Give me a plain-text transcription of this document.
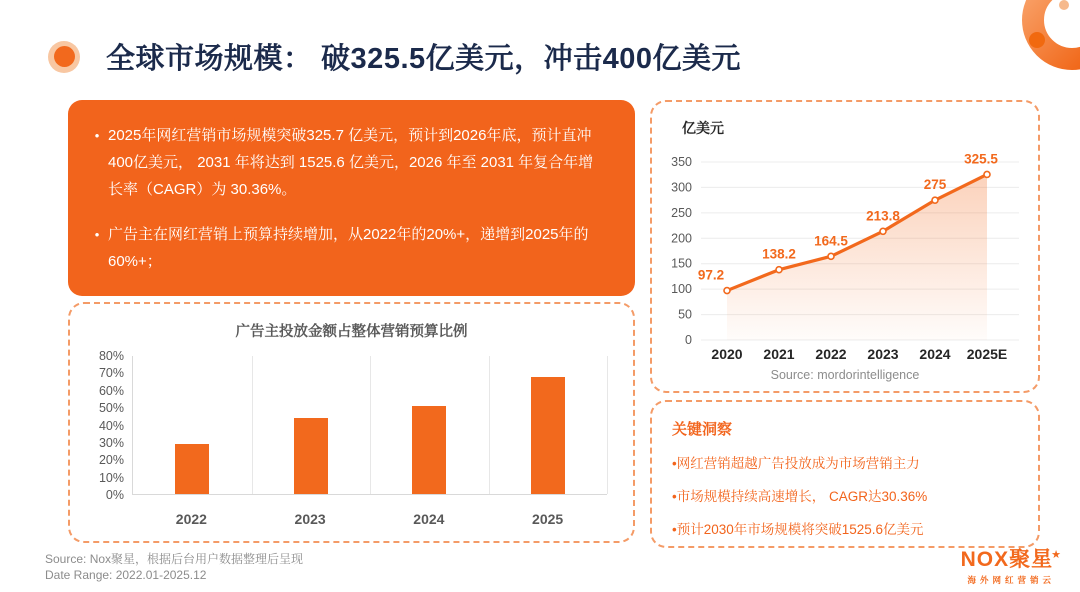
全球市场规模： 破325.5亿美元，冲击400亿美元
• 2025年网红营销市场规模突破325.7 亿美元，预计到2026年底，预计直冲400亿美元， 2031 年将达到 1525.6 亿美元，2026 年至 2031 年复合年增长率（CAGR）为 30.36%。
• 广告主在网红营销上预算持续增加，从2022年的20%+，递增到2025年的60%+；
广告主投放金额占整体营销预算比例
0%
10%
20%
30%
40%
50%
60%
70%
80%
2022	2023	2024	2025
亿美元
0
50
100
150
200
250
300
350
97.2
2020
138.2
2021
164.5
2022
213.8
2023
275
2024
325.5
2025E
Source: mordorintelligence
关键洞察
•网红营销超越广告投放成为市场营销主力
•市场规模持续高速增长， CAGR达30.36%
•预计2030年市场规模将突破1525.6亿美元
Source: Nox聚星，根据后台用户数据整理后呈现
Date Range: 2022.01-2025.12
NOX聚星★
海外网红营销云
